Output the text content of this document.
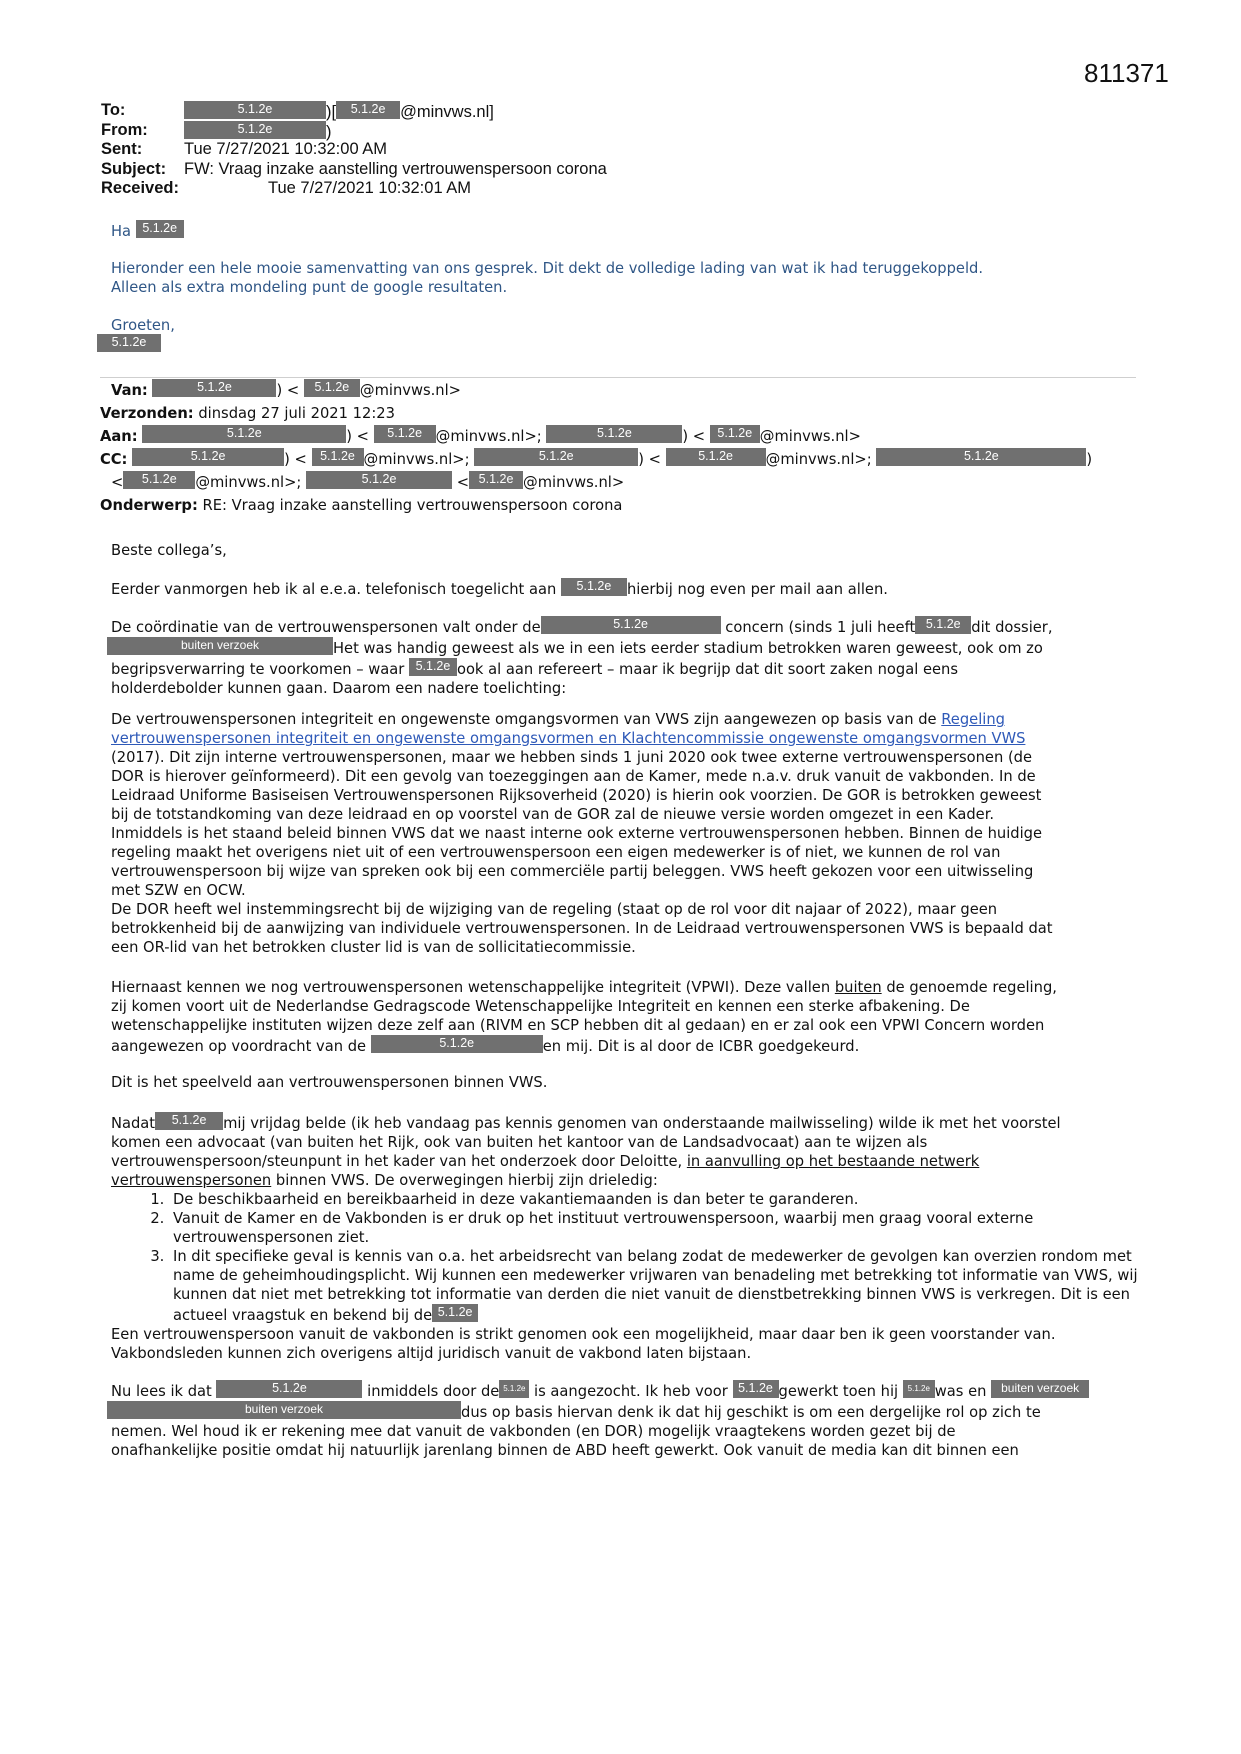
811371
To:	5.1.2e	)[ 5.1.2e @minvws.nl]
From:	5.1.2e	)
Sent:	Tue 7/27/2021 10:32:00 AM
Subject: FW: Vraag inzake aanstelling vertrouwenspersoon corona
Received:	Tue 7/27/2021 10:32:01 AM

Ha 5.1.2e

Hieronder een hele mooie samenvatting van ons gesprek. Dit dekt de volledige lading van wat ik had teruggekoppeld.

Alleen als extra mondeling punt de google resultaten.

Groeten,

5.1.2e
Van:	5.1.2e	) < 5.1.2e @minvws.nl>
Verzonden: dinsdag 27 juli 2021 12:23
Aan:	5.1.2e	) < 5.1.2e @minvws.nl>;	5.1.2e	) < 5.1.2e @minvws.nl>
CC:	5.1.2e	) < 5.1.2e @minvws.nl>;	5.1.2e	) <	5.1.2e @minvws.nl>;	5.1.2e	)
< 5.1.2e @minvws.nl>;	5.1.2e	< 5.1.2e @minvws.nl>
Onderwerp: RE: Vraag inzake aanstelling vertrouwenspersoon corona

Beste collega’s,

Eerder vanmorgen heb ik al e.e.a. telefonisch toegelicht aan 5.1.2e hierbij nog even per mail aan allen.

De coördinatie van de vertrouwenspersonen valt onder de	5.1.2e	concern (sinds 1 juli heeft 5.1.2e dit dossier,

buiten verzoek	Het was handig geweest als we in een iets eerder stadium betrokken waren geweest, ook om zo

begripsverwarring te voorkomen – waar 5.1.2e ook al aan refereert – maar ik begrijp dat dit soort zaken nogal eens

holderdebolder kunnen gaan. Daarom een nadere toelichting:

De vertrouwenspersonen integriteit en ongewenste omgangsvormen van VWS zijn aangewezen op basis van de Regeling

vertrouwenspersonen integriteit en ongewenste omgangsvormen en Klachtencommissie ongewenste omgangsvormen VWS

(2017). Dit zijn interne vertrouwenspersonen, maar we hebben sinds 1 juni 2020 ook twee externe vertrouwenspersonen (de

DOR is hierover geïnformeerd). Dit een gevolg van toezeggingen aan de Kamer, mede n.a.v. druk vanuit de vakbonden. In de

Leidraad Uniforme Basiseisen Vertrouwenspersonen Rijksoverheid (2020) is hierin ook voorzien. De GOR is betrokken geweest

bij de totstandkoming van deze leidraad en op voorstel van de GOR zal de nieuwe versie worden omgezet in een Kader.

Inmiddels is het staand beleid binnen VWS dat we naast interne ook externe vertrouwenspersonen hebben. Binnen de huidige

regeling maakt het overigens niet uit of een vertrouwenspersoon een eigen medewerker is of niet, we kunnen de rol van

vertrouwenspersoon bij wijze van spreken ook bij een commerciële partij beleggen. VWS heeft gekozen voor een uitwisseling

met SZW en OCW.

De DOR heeft wel instemmingsrecht bij de wijziging van de regeling (staat op de rol voor dit najaar of 2022), maar geen

betrokkenheid bij de aanwijzing van individuele vertrouwenspersonen. In de Leidraad vertrouwenspersonen VWS is bepaald dat

een OR-lid van het betrokken cluster lid is van de sollicitatiecommissie.

Hiernaast kennen we nog vertrouwenspersonen wetenschappelijke integriteit (VPWI). Deze vallen buiten de genoemde regeling,

zij komen voort uit de Nederlandse Gedragscode Wetenschappelijke Integriteit en kennen een sterke afbakening. De

wetenschappelijke instituten wijzen deze zelf aan (RIVM en SCP hebben dit al gedaan) en er zal ook een VPWI Concern worden

aangewezen op voordracht van de	5.1.2e	en mij. Dit is al door de ICBR goedgekeurd.

Dit is het speelveld aan vertrouwenspersonen binnen VWS.

Nadat 5.1.2e mij vrijdag belde (ik heb vandaag pas kennis genomen van onderstaande mailwisseling) wilde ik met het voorstel

komen een advocaat (van buiten het Rijk, ook van buiten het kantoor van de Landsadvocaat) aan te wijzen als

vertrouwenspersoon/steunpunt in het kader van het onderzoek door Deloitte, in aanvulling op het bestaande netwerk

vertrouwenspersonen binnen VWS. De overwegingen hierbij zijn drieledig:

1. De beschikbaarheid en bereikbaarheid in deze vakantiemaanden is dan beter te garanderen.
2. Vanuit de Kamer en de Vakbonden is er druk op het instituut vertrouwenspersoon, waarbij men graag vooral externe vertrouwenspersonen ziet.
3. In dit specifieke geval is kennis van o.a. het arbeidsrecht van belang zodat de medewerker de gevolgen kan overzien rondom met name de geheimhoudingsplicht. Wij kunnen een medewerker vrijwaren van benadeling met betrekking tot informatie van VWS, wij kunnen dat niet met betrekking tot informatie van derden die niet vanuit de dienstbetrekking binnen VWS is verkregen. Dit is een actueel vraagstuk en bekend bij de 5.1.2e

Een vertrouwenspersoon vanuit de vakbonden is strikt genomen ook een mogelijkheid, maar daar ben ik geen voorstander van.

Vakbondsleden kunnen zich overigens altijd juridisch vanuit de vakbond laten bijstaan.

Nu lees ik dat	5.1.2e	inmiddels door de 5.1.2e is aangezocht. Ik heb voor 5.1.2e gewerkt toen hij 5.1.2e was en buiten verzoek

buiten verzoek	dus op basis hiervan denk ik dat hij geschikt is om een dergelijke rol op zich te

nemen. Wel houd ik er rekening mee dat vanuit de vakbonden (en DOR) mogelijk vraagtekens worden gezet bij de

onafhankelijke positie omdat hij natuurlijk jarenlang binnen de ABD heeft gewerkt. Ook vanuit de media kan dit binnen een
